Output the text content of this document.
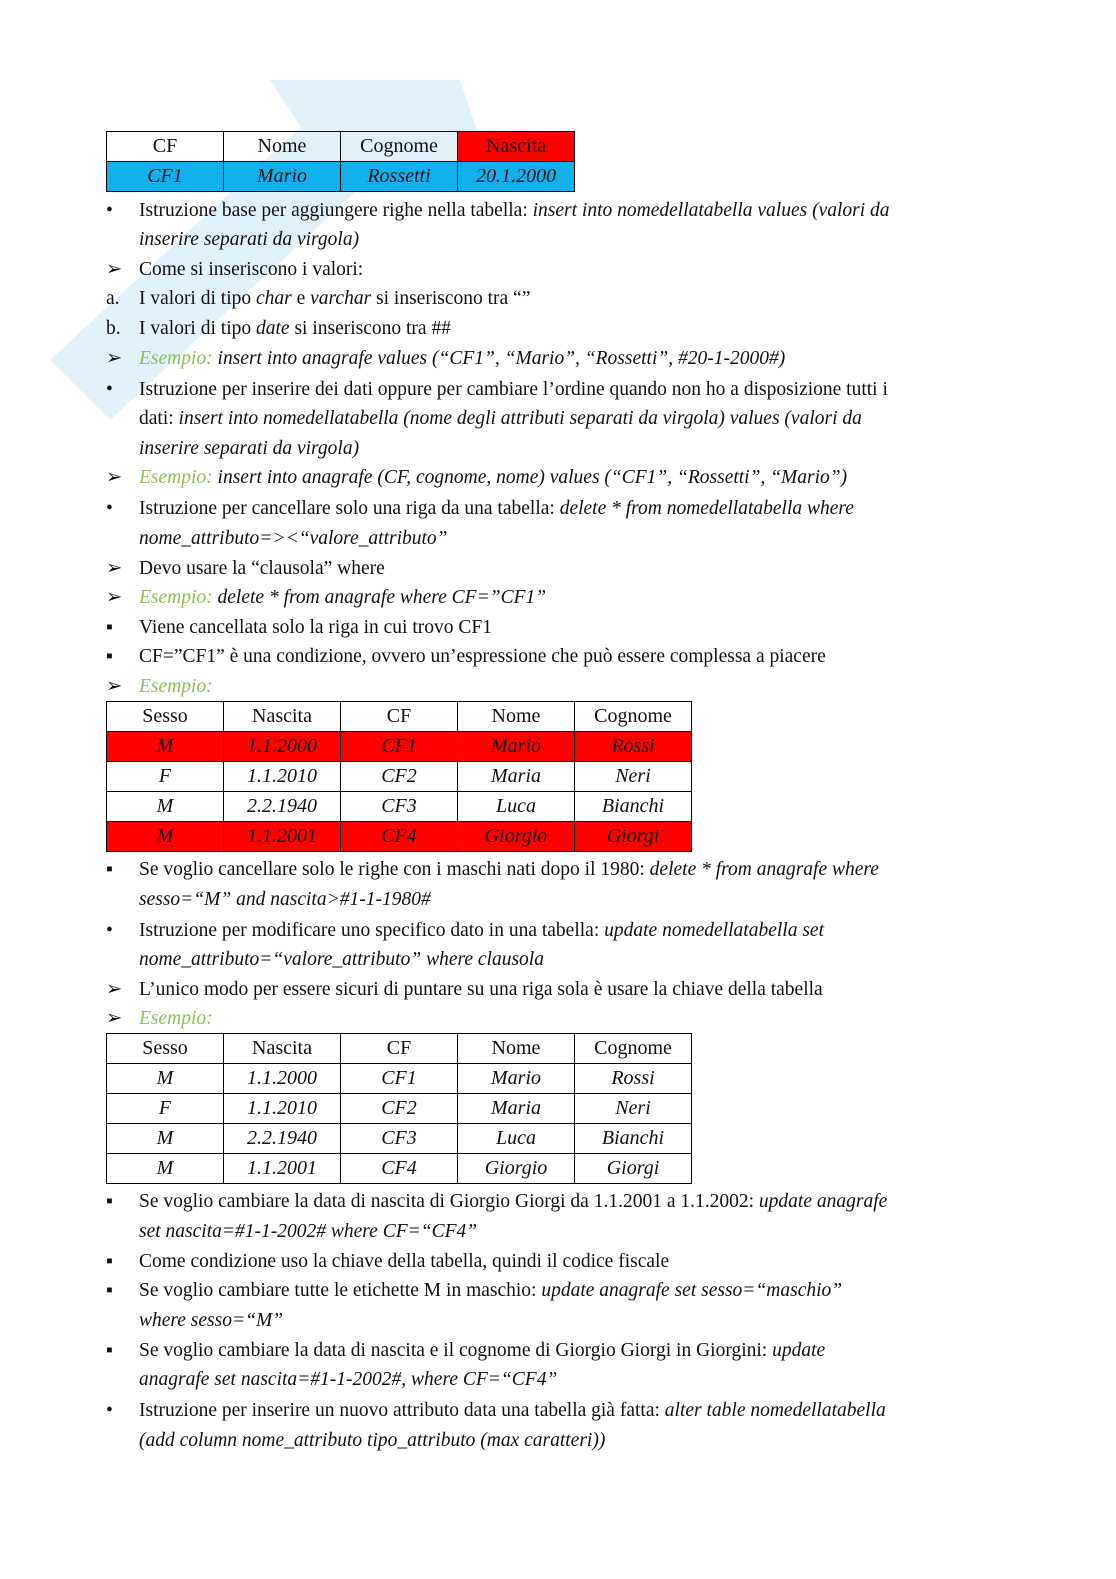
CF	Nome	Cognome	Nascita
CF1	Mario	Rossetti	20.1.2000
•	Istruzione base per aggiungere righe nella tabella: insert into nomedellatabella values (valori da
inserire separati da virgola)
➢ Come si inseriscono i valori:
a. I valori di tipo char e varchar si inseriscono tra “”
b. I valori di tipo date si inseriscono tra ##
➢ Esempio: insert into anagrafe values (“CF1”, “Mario”, “Rossetti”, #20-1-2000#)
•	Istruzione per inserire dei dati oppure per cambiare l’ordine quando non ho a disposizione tutti i
dati: insert into nomedellatabella (nome degli attributi separati da virgola) values (valori da
inserire separati da virgola)
➢ Esempio: insert into anagrafe (CF, cognome, nome) values (“CF1”, “Rossetti”, “Mario”)
•	Istruzione per cancellare solo una riga da una tabella: delete * from nomedellatabella where
nome_attributo=><“valore_attributo”
➢ Devo usare la “clausola” where
➢ Esempio: delete * from anagrafe where CF=”CF1”
▪	Viene cancellata solo la riga in cui trovo CF1
▪	CF=”CF1” è una condizione, ovvero un’espressione che può essere complessa a piacere
➢ Esempio:
Sesso	Nascita	CF	Nome	Cognome
M	1.1.2000	CF1	Mario	Rossi
F	1.1.2010	CF2	Maria	Neri
M	2.2.1940	CF3	Luca	Bianchi
M	1.1.2001	CF4	Giorgio	Giorgi
▪	Se voglio cancellare solo le righe con i maschi nati dopo il 1980: delete * from anagrafe where
sesso=“M” and nascita>#1-1-1980#
•	Istruzione per modificare uno specifico dato in una tabella: update nomedellatabella set
nome_attributo=“valore_attributo” where clausola
➢ L’unico modo per essere sicuri di puntare su una riga sola è usare la chiave della tabella
➢ Esempio:
Sesso	Nascita	CF	Nome	Cognome
M	1.1.2000	CF1	Mario	Rossi
F	1.1.2010	CF2	Maria	Neri
M	2.2.1940	CF3	Luca	Bianchi
M	1.1.2001	CF4	Giorgio	Giorgi
▪	Se voglio cambiare la data di nascita di Giorgio Giorgi da 1.1.2001 a 1.1.2002: update anagrafe
set nascita=#1-1-2002# where CF=“CF4”
▪	Come condizione uso la chiave della tabella, quindi il codice fiscale
▪	Se voglio cambiare tutte le etichette M in maschio: update anagrafe set sesso=“maschio”
where sesso=“M”
▪	Se voglio cambiare la data di nascita e il cognome di Giorgio Giorgi in Giorgini: update
anagrafe set nascita=#1-1-2002#, where CF=“CF4”
•	Istruzione per inserire un nuovo attributo data una tabella già fatta: alter table nomedellatabella
(add column nome_attributo tipo_attributo (max caratteri))
